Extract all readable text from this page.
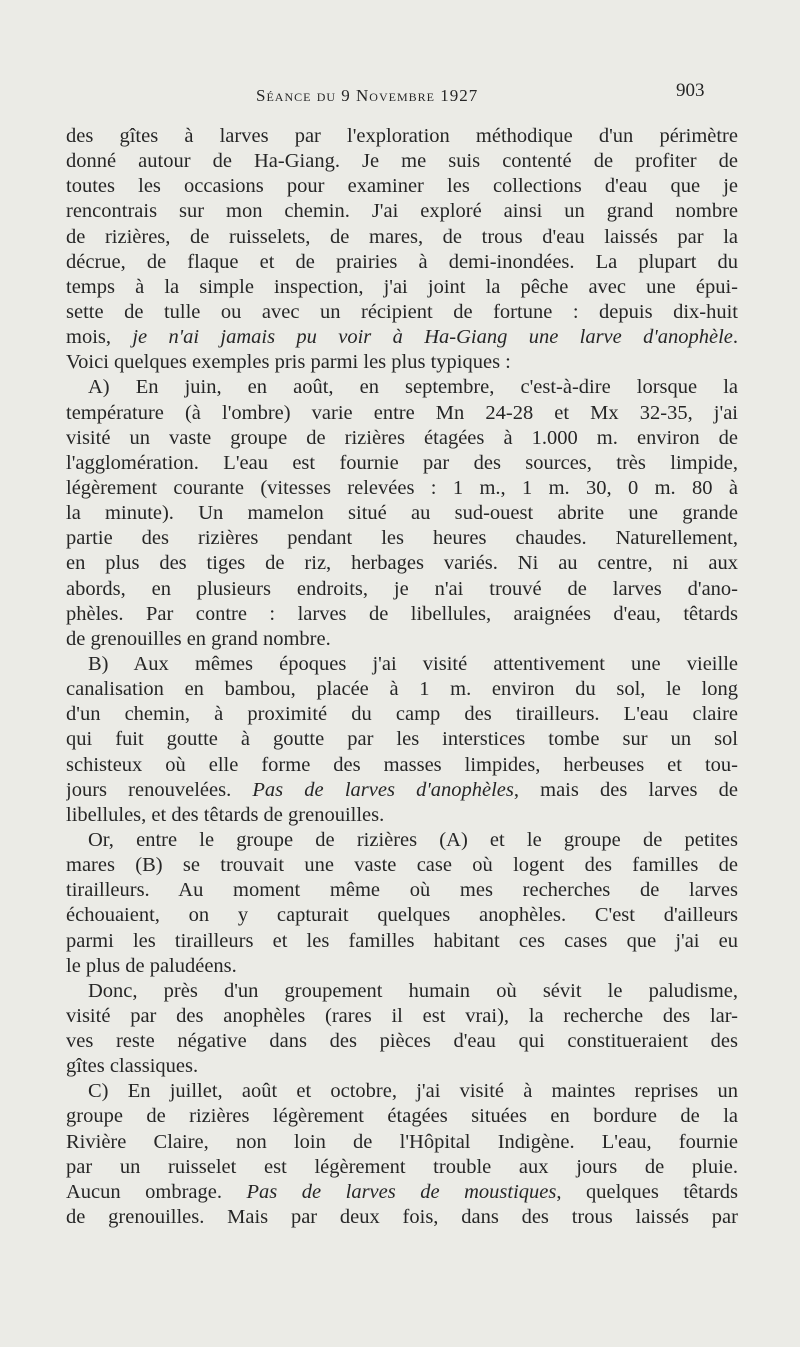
Séance du 9 Novembre 1927	903
des gîtes à larves par l'exploration méthodique d'un périmètre
donné autour de Ha-Giang. Je me suis contenté de profiter de
toutes les occasions pour examiner les collections d'eau que je
rencontrais sur mon chemin. J'ai exploré ainsi un grand nombre
de rizières, de ruisselets, de mares, de trous d'eau laissés par la
décrue, de flaque et de prairies à demi-inondées. La plupart du
temps à la simple inspection, j'ai joint la pêche avec une épui-
sette de tulle ou avec un récipient de fortune : depuis dix-huit
mois, je n'ai jamais pu voir à Ha-Giang une larve d'anophèle.
Voici quelques exemples pris parmi les plus typiques :
A) En juin, en août, en septembre, c'est-à-dire lorsque la
température (à l'ombre) varie entre Mn 24-28 et Mx 32-35, j'ai
visité un vaste groupe de rizières étagées à 1.000 m. environ de
l'agglomération. L'eau est fournie par des sources, très limpide,
légèrement courante (vitesses relevées : 1 m., 1 m. 30, 0 m. 80 à
la minute). Un mamelon situé au sud-ouest abrite une grande
partie des rizières pendant les heures chaudes. Naturellement,
en plus des tiges de riz, herbages variés. Ni au centre, ni aux
abords, en plusieurs endroits, je n'ai trouvé de larves d'ano-
phèles. Par contre : larves de libellules, araignées d'eau, têtards
de grenouilles en grand nombre.
B) Aux mêmes époques j'ai visité attentivement une vieille
canalisation en bambou, placée à 1 m. environ du sol, le long
d'un chemin, à proximité du camp des tirailleurs. L'eau claire
qui fuit goutte à goutte par les interstices tombe sur un sol
schisteux où elle forme des masses limpides, herbeuses et tou-
jours renouvelées. Pas de larves d'anophèles, mais des larves de
libellules, et des têtards de grenouilles.
Or, entre le groupe de rizières (A) et le groupe de petites
mares (B) se trouvait une vaste case où logent des familles de
tirailleurs. Au moment même où mes recherches de larves
échouaient, on y capturait quelques anophèles. C'est d'ailleurs
parmi les tirailleurs et les familles habitant ces cases que j'ai eu
le plus de paludéens.
Donc, près d'un groupement humain où sévit le paludisme,
visité par des anophèles (rares il est vrai), la recherche des lar-
ves reste négative dans des pièces d'eau qui constitueraient des
gîtes classiques.
C) En juillet, août et octobre, j'ai visité à maintes reprises un
groupe de rizières légèrement étagées situées en bordure de la
Rivière Claire, non loin de l'Hôpital Indigène. L'eau, fournie
par un ruisselet est légèrement trouble aux jours de pluie.
Aucun ombrage. Pas de larves de moustiques, quelques têtards
de grenouilles. Mais par deux fois, dans des trous laissés par
